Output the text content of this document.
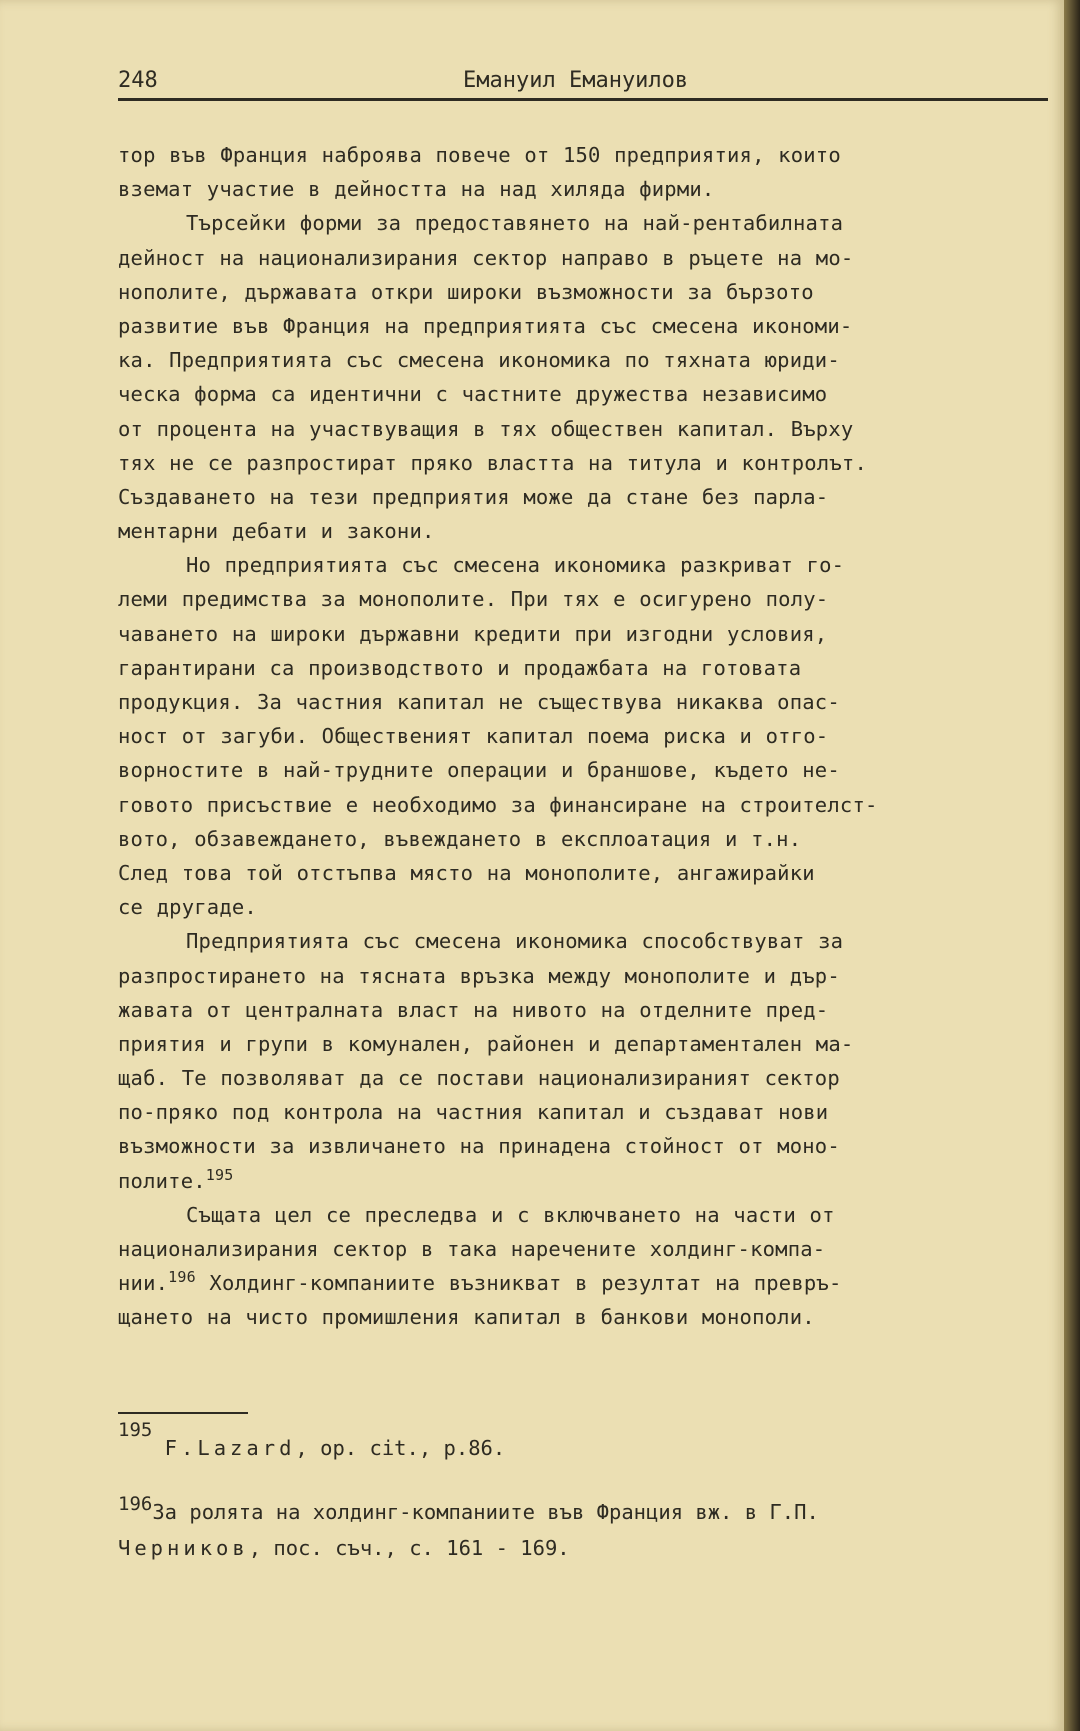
248	Емануил Емануилов
тор във Франция наброява повече от 150 предприятия, които
вземат участие в дейността на над хиляда фирми.
Търсейки форми за предоставянето на най-рентабилната
дейност на национализирания сектор направо в ръцете на мо-
нополите, държавата откри широки възможности за бързото
развитие във Франция на предприятията със смесена икономи-
ка. Предприятията със смесена икономика по тяхната юриди-
ческа форма са идентични с частните дружества независимо
от процента на участвуващия в тях обществен капитал. Върху
тях не се разпростират пряко властта на титула и контролът.
Създаването на тези предприятия може да стане без парла-
ментарни дебати и закони.
Но предприятията със смесена икономика разкриват го-
леми предимства за монополите. При тях е осигурено полу-
чаването на широки държавни кредити при изгодни условия,
гарантирани са производството и продажбата на готовата
продукция. За частния капитал не съществува никаква опас-
ност от загуби. Общественият капитал поема риска и отго-
ворностите в най-трудните операции и браншове, където не-
говото присъствие е необходимо за финансиране на строителст-
вото, обзавеждането, въвеждането в експлоатация и т.н.
След това той отстъпва място на монополите, ангажирайки
се другаде.
Предприятията със смесена икономика способствуват за
разпростирането на тясната връзка между монополите и дър-
жавата от централната власт на нивото на отделните пред-
приятия и групи в комунален, районен и департаментален ма-
щаб. Те позволяват да се постави национализираният сектор
по-пряко под контрола на частния капитал и създават нови
възможности за извличането на принадена стойност от моно-
полите.$^{195}$
Същата цел се преследва и с включването на части от
национализирания сектор в така наречените холдинг-компа-
нии.$^{196}$ Холдинг-компаниите възникват в резултат на превръ-
щането на чисто промишления капитал в банкови монополи.
195 F.Lazard, op. cit., p.86.
196За ролята на холдинг-компаниите във Франция вж. в Г.П.
Черников, пос. съч., с. 161 - 169.
